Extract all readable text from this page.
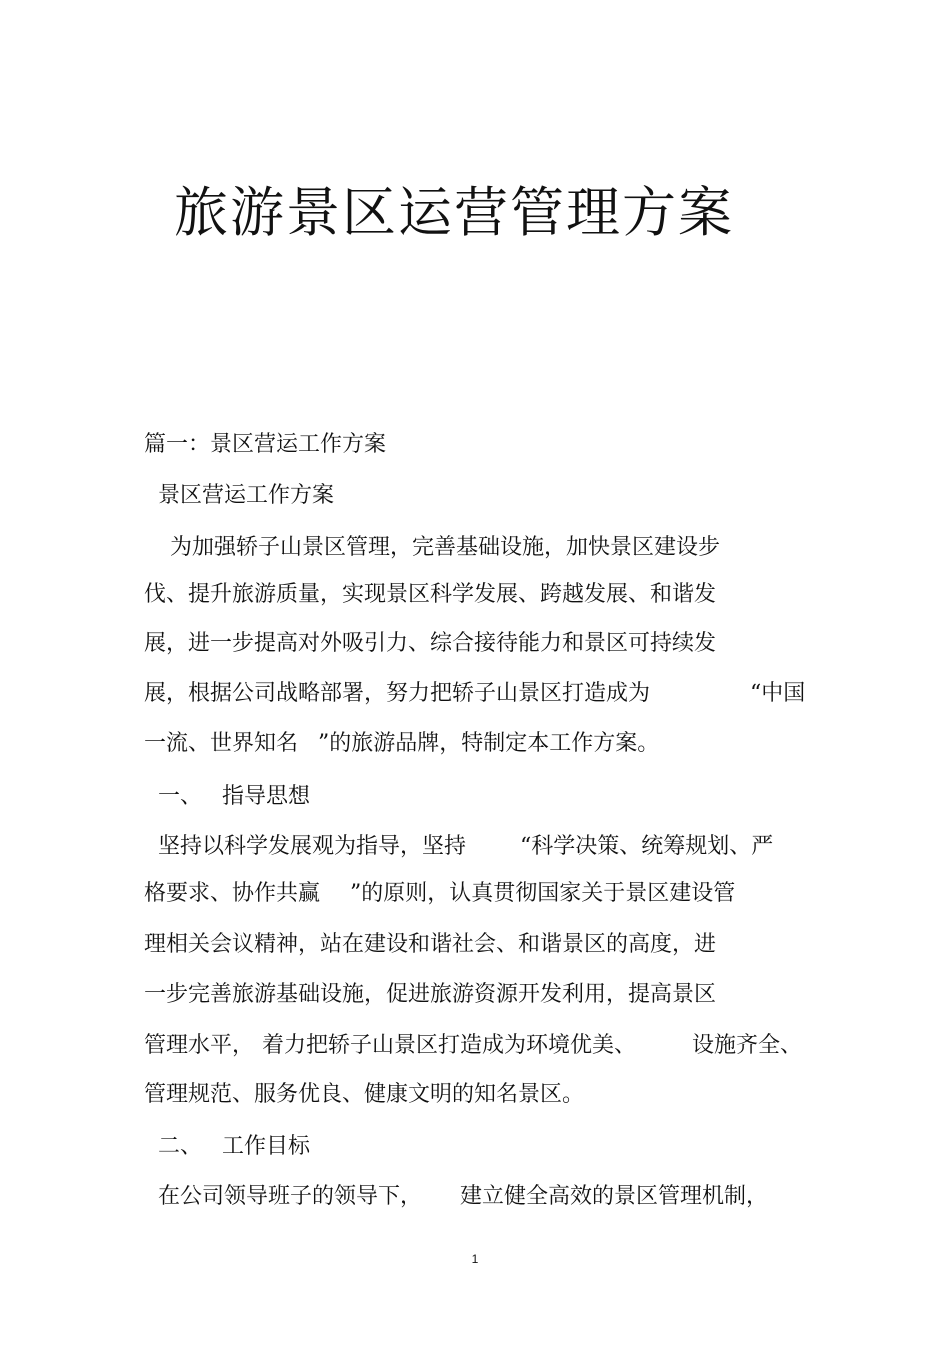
旅游景区运营管理方案
篇一：景区营运工作方案
景区营运工作方案
为加强轿子山景区管理，完善基础设施，加快景区建设步
伐、提升旅游质量，实现景区科学发展、跨越发展、和谐发
展，进一步提高对外吸引力、综合接待能力和景区可持续发
展，根据公司战略部署，努力把轿子山景区打造成为	“中国
一流、世界知名 ”的旅游品牌，特制定本工作方案。
一、 指导思想
坚持以科学发展观为指导，坚持 “科学决策、统筹规划、严
格要求、协作共赢 ”的原则，认真贯彻国家关于景区建设管
理相关会议精神，站在建设和谐社会、和谐景区的高度，进
一步完善旅游基础设施，促进旅游资源开发利用，提高景区
管理水平， 着力把轿子山景区打造成为环境优美、	设施齐全、
管理规范、服务优良、健康文明的知名景区。
二、 工作目标
在公司领导班子的领导下， 建立健全高效的景区管理机制，
1
